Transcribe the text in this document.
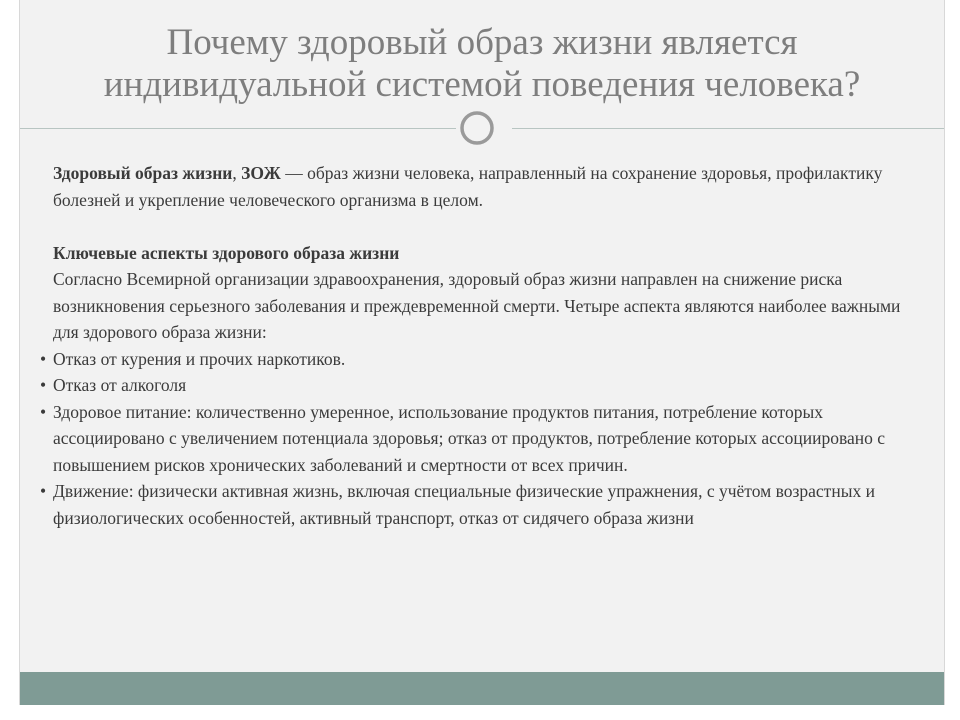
Почему здоровый образ жизни является
индивидуальной системой поведения человека?

Здоровый образ жизни, ЗОЖ — образ жизни человека, направленный на сохранение здоровья, профилактику болезней и укрепление человеческого организма в целом.

Ключевые аспекты здорового образа жизни

Согласно Всемирной организации здравоохранения, здоровый образ жизни направлен на снижение риска возникновения серьезного заболевания и преждевременной смерти. Четыре аспекта являются наиболее важными для здорового образа жизни:

• Отказ от курения и прочих наркотиков.
• Отказ от алкоголя
• Здоровое питание: количественно умеренное, использование продуктов питания, потребление которых ассоциировано с увеличением потенциала здоровья; отказ от продуктов, потребление которых ассоциировано с повышением рисков хронических заболеваний и смертности от всех причин.
• Движение: физически активная жизнь, включая специальные физические упражнения, с учётом возрастных и физиологических особенностей, активный транспорт, отказ от сидячего образа жизни
